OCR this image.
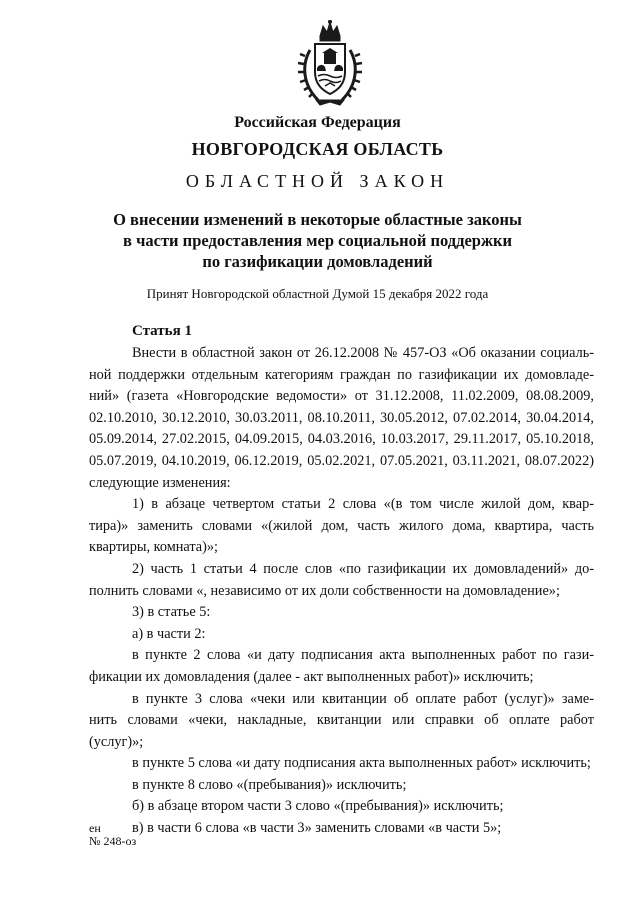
Российская Федерация
НОВГОРОДСКАЯ ОБЛАСТЬ
ОБЛАСТНОЙ ЗАКОН
О внесении изменений в некоторые областные законы
в части предоставления мер социальной поддержки
по газификации домовладений
Принят Новгородской областной Думой 15 декабря 2022 года
Статья 1
Внести в областной закон от 26.12.2008 № 457-ОЗ «Об оказании социаль-
ной поддержки отдельным категориям граждан по газификации их домовладе-
ний» (газета «Новгородские ведомости» от 31.12.2008, 11.02.2009, 08.08.2009,
02.10.2010, 30.12.2010, 30.03.2011, 08.10.2011, 30.05.2012, 07.02.2014, 30.04.2014,
05.09.2014, 27.02.2015, 04.09.2015, 04.03.2016, 10.03.2017, 29.11.2017, 05.10.2018,
05.07.2019, 04.10.2019, 06.12.2019, 05.02.2021, 07.05.2021, 03.11.2021, 08.07.2022)
следующие изменения:
1) в абзаце четвертом статьи 2 слова «(в том числе жилой дом, квар-
тира)» заменить словами «(жилой дом, часть жилого дома, квартира, часть
квартиры, комната)»;
2) часть 1 статьи 4 после слов «по газификации их домовладений» до-
полнить словами «, независимо от их доли собственности на домовладение»;
3) в статье 5:
а) в части 2:
в пункте 2 слова «и дату подписания акта выполненных работ по гази-
фикации их домовладения (далее - акт выполненных работ)» исключить;
в пункте 3 слова «чеки или квитанции об оплате работ (услуг)» заме-
нить словами «чеки, накладные, квитанции или справки об оплате работ
(услуг)»;
в пункте 5 слова «и дату подписания акта выполненных работ» исключить;
в пункте 8 слово «(пребывания)» исключить;
б) в абзаце втором части 3 слово «(пребывания)» исключить;
в) в части 6 слова «в части 3» заменить словами «в части 5»;
ен
№ 248-оз
